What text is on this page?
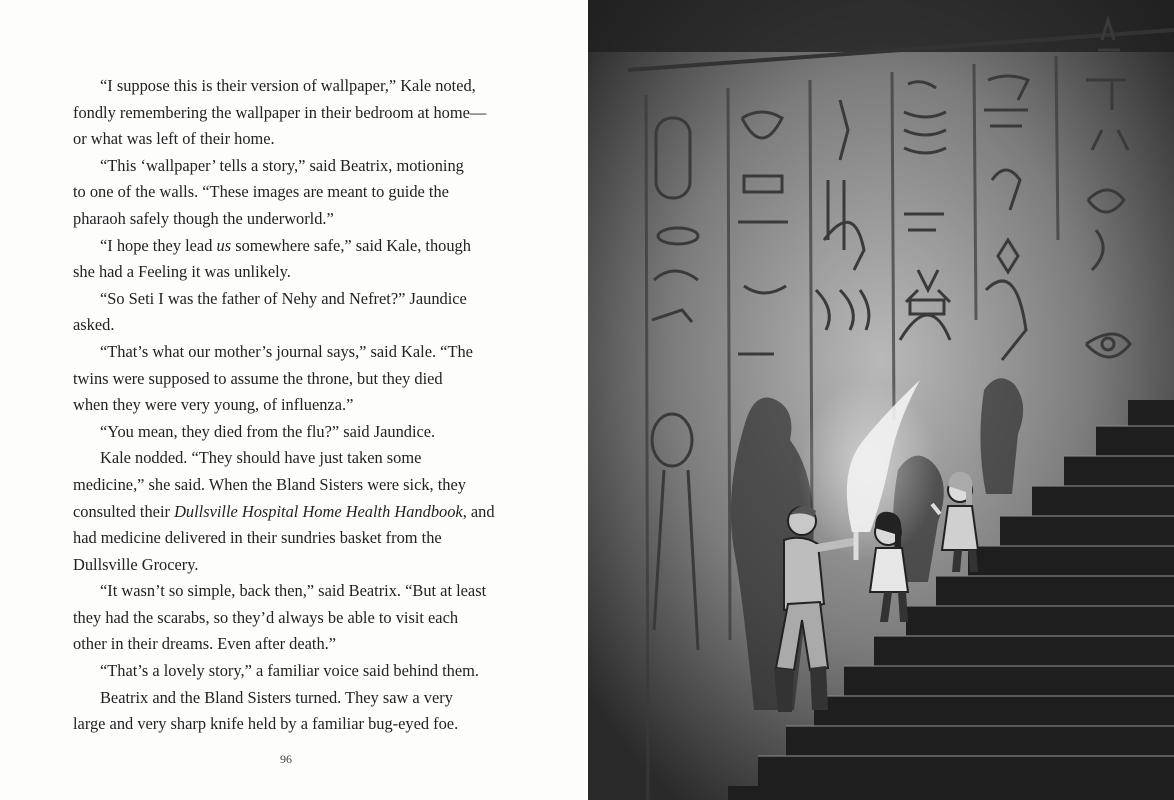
“I suppose this is their version of wallpaper,” Kale noted,
fondly remembering the wallpaper in their bedroom at home—
or what was left of their home.
“This ‘wallpaper’ tells a story,” said Beatrix, motioning
to one of the walls. “These images are meant to guide the
pharaoh safely though the underworld.”
“I hope they lead us somewhere safe,” said Kale, though
she had a Feeling it was unlikely.
“So Seti I was the father of Nehy and Nefret?” Jaundice
asked.
“That’s what our mother’s journal says,” said Kale. “The
twins were supposed to assume the throne, but they died
when they were very young, of influenza.”
“You mean, they died from the flu?” said Jaundice.
Kale nodded. “They should have just taken some
medicine,” she said. When the Bland Sisters were sick, they
consulted their Dullsville Hospital Home Health Handbook, and
had medicine delivered in their sundries basket from the
Dullsville Grocery.
“It wasn’t so simple, back then,” said Beatrix. “But at least
they had the scarabs, so they’d always be able to visit each
other in their dreams. Even after death.”
“That’s a lovely story,” a familiar voice said behind them.
Beatrix and the Bland Sisters turned. They saw a very
large and very sharp knife held by a familiar bug-eyed foe.
96
